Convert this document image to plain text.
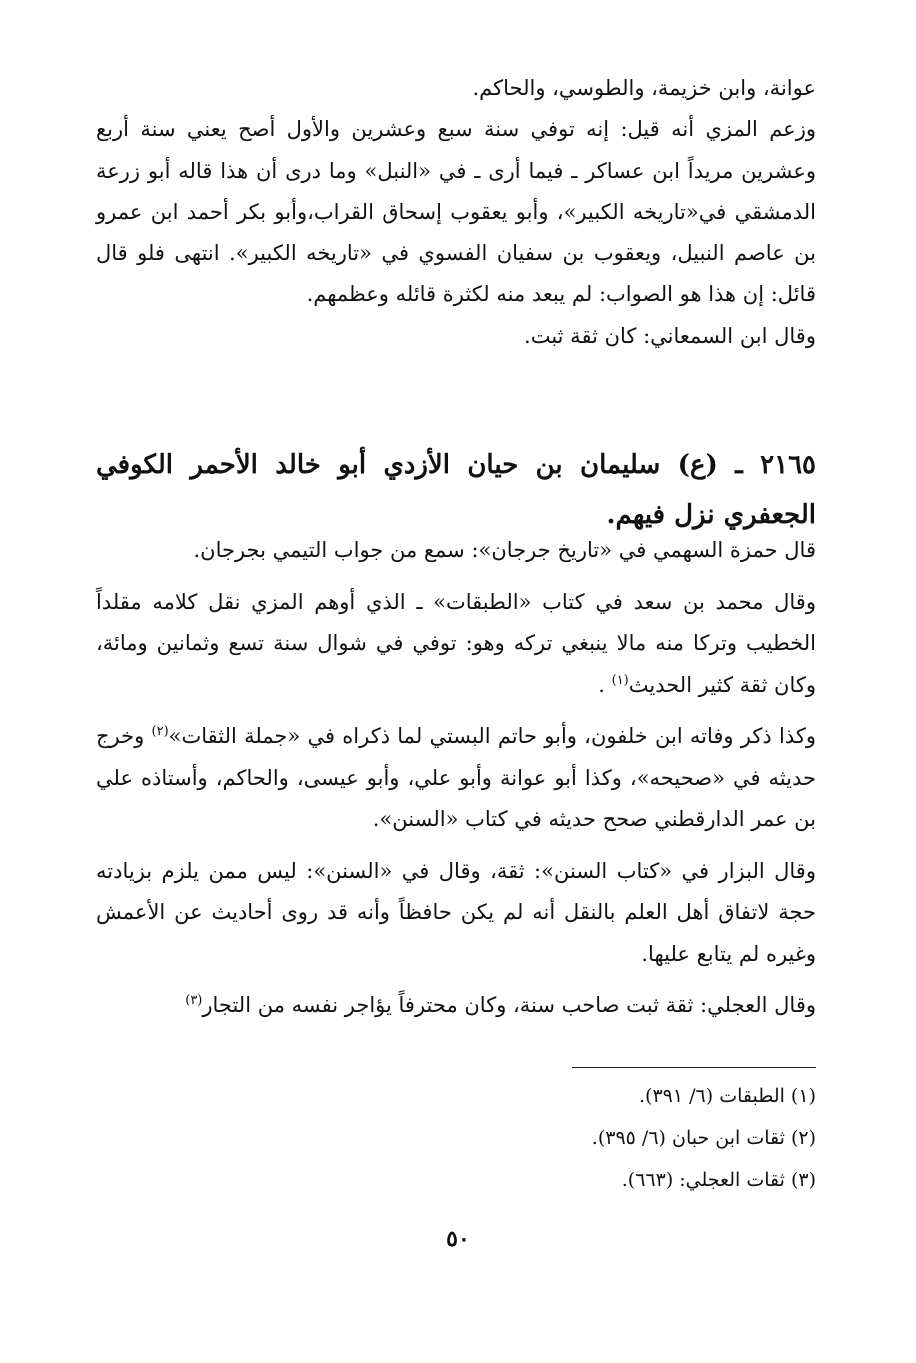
عوانة، وابن خزيمة، والطوسي، والحاكم.

وزعم المزي أنه قيل: إنه توفي سنة سبع وعشرين والأول أصح يعني سنة أربع وعشرين مريداً ابن عساكر ـ فيما أرى ـ في «النبل» وما درى أن هذا قاله أبو زرعة الدمشقي في«تاريخه الكبير»، وأبو يعقوب إسحاق القراب،وأبو بكر أحمد ابن عمرو بن عاصم النبيل، ويعقوب بن سفيان الفسوي في «تاريخه الكبير». انتهى فلو قال قائل: إن هذا هو الصواب: لم يبعد منه لكثرة قائله وعظمهم.

وقال ابن السمعاني: كان ثقة ثبت.

٢١٦٥ ـ (ع) سليمان بن حيان الأزدي أبو خالد الأحمر الكوفي الجعفري نزل فيهم.

قال حمزة السهمي في «تاريخ جرجان»: سمع من جواب التيمي بجرجان.

وقال محمد بن سعد في كتاب «الطبقات» ـ الذي أوهم المزي نقل كلامه مقلداً الخطيب وتركا منه مالا ينبغي تركه وهو: توفي في شوال سنة تسع وثمانين ومائة، وكان ثقة كثير الحديث$^{(١)}$ .

وكذا ذكر وفاته ابن خلفون، وأبو حاتم البستي لما ذكراه في «جملة الثقات»$^{(٢)}$ وخرج حديثه في «صحيحه»، وكذا أبو عوانة وأبو علي، وأبو عيسى، والحاكم، وأستاذه علي بن عمر الدارقطني صحح حديثه في كتاب «السنن».

وقال البزار في «كتاب السنن»: ثقة، وقال في «السنن»: ليس ممن يلزم بزيادته حجة لاتفاق أهل العلم بالنقل أنه لم يكن حافظاً وأنه قد روى أحاديث عن الأعمش وغيره لم يتابع عليها.

وقال العجلي: ثقة ثبت صاحب سنة، وكان محترفاً يؤاجر نفسه من التجار$^{(٣)}$

(١) الطبقات (٦/ ٣٩١).

(٢) ثقات ابن حبان (٦/ ٣٩٥).

(٣) ثقات العجلي: (٦٦٣).

٥٠
